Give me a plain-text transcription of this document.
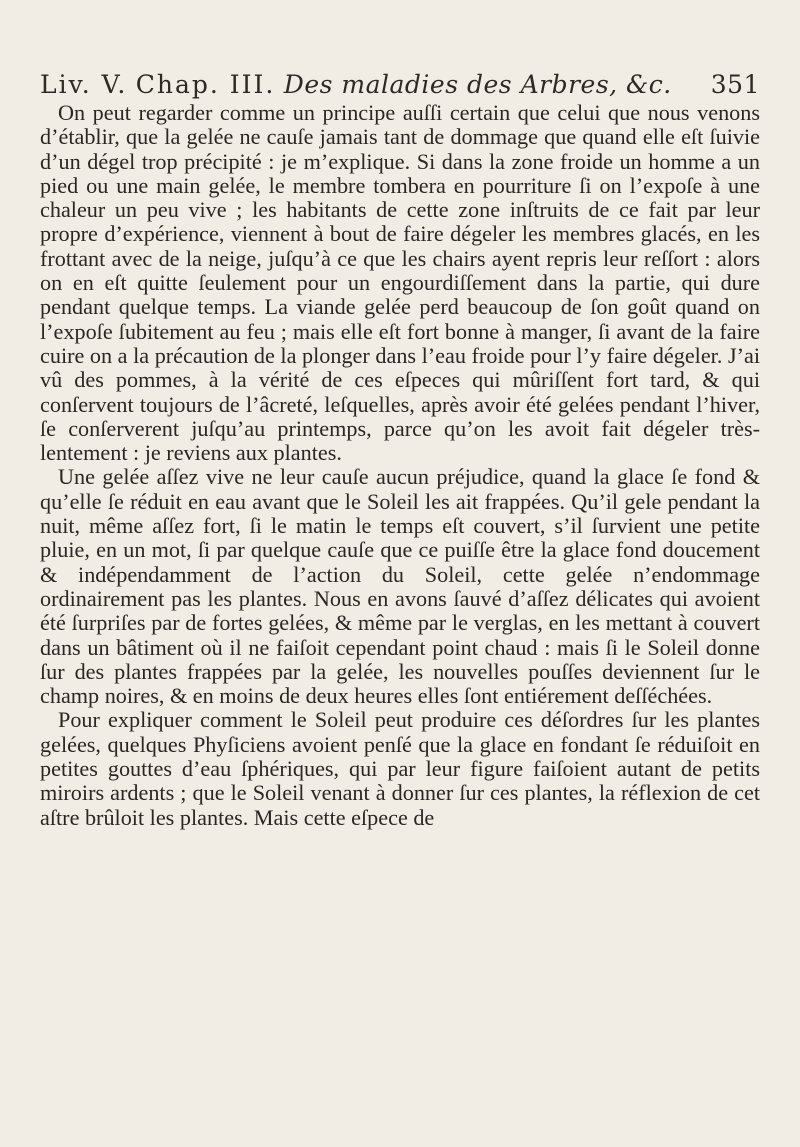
Liv. V. Chap. III. Des maladies des Arbres, &c. 351

On peut regarder comme un principe auſſi certain que celui que nous venons d’établir, que la gelée ne cauſe jamais tant de dommage que quand elle eſt ſuivie d’un dégel trop précipité : je m’explique. Si dans la zone froide un homme a un pied ou une main gelée, le membre tombera en pourriture ſi on l’expoſe à une chaleur un peu vive ; les habitants de cette zone inſtruits de ce fait par leur propre d’expérience, viennent à bout de faire dégeler les membres glacés, en les frottant avec de la neige, juſqu’à ce que les chairs ayent repris leur reſſort : alors on en eſt quitte ſeulement pour un engourdiſſement dans la partie, qui dure pendant quelque temps. La viande gelée perd beaucoup de ſon goût quand on l’expoſe ſubitement au feu ; mais elle eſt fort bonne à manger, ſi avant de la faire cuire on a la précaution de la plonger dans l’eau froide pour l’y faire dégeler. J’ai vû des pommes, à la vérité de ces eſpeces qui mûriſſent fort tard, & qui conſervent toujours de l’âcreté, leſquelles, après avoir été gelées pendant l’hiver, ſe conſerverent juſqu’au printemps, parce qu’on les avoit fait dégeler très-lentement : je reviens aux plantes.

Une gelée aſſez vive ne leur cauſe aucun préjudice, quand la glace ſe fond & qu’elle ſe réduit en eau avant que le Soleil les ait frappées. Qu’il gele pendant la nuit, même aſſez fort, ſi le matin le temps eſt couvert, s’il ſurvient une petite pluie, en un mot, ſi par quelque cauſe que ce puiſſe être la glace fond doucement & indépendamment de l’action du Soleil, cette gelée n’endommage ordinairement pas les plantes. Nous en avons ſauvé d’aſſez délicates qui avoient été ſurpriſes par de fortes gelées, & même par le verglas, en les mettant à couvert dans un bâtiment où il ne faiſoit cependant point chaud : mais ſi le Soleil donne ſur des plantes frappées par la gelée, les nouvelles pouſſes deviennent ſur le champ noires, & en moins de deux heures elles ſont entiérement deſſéchées.

Pour expliquer comment le Soleil peut produire ces déſordres ſur les plantes gelées, quelques Phyſiciens avoient penſé que la glace en fondant ſe réduiſoit en petites gouttes d’eau ſphériques, qui par leur figure faiſoient autant de petits miroirs ardents ; que le Soleil venant à donner ſur ces plantes, la réflexion de cet aſtre brûloit les plantes. Mais cette eſpece de
